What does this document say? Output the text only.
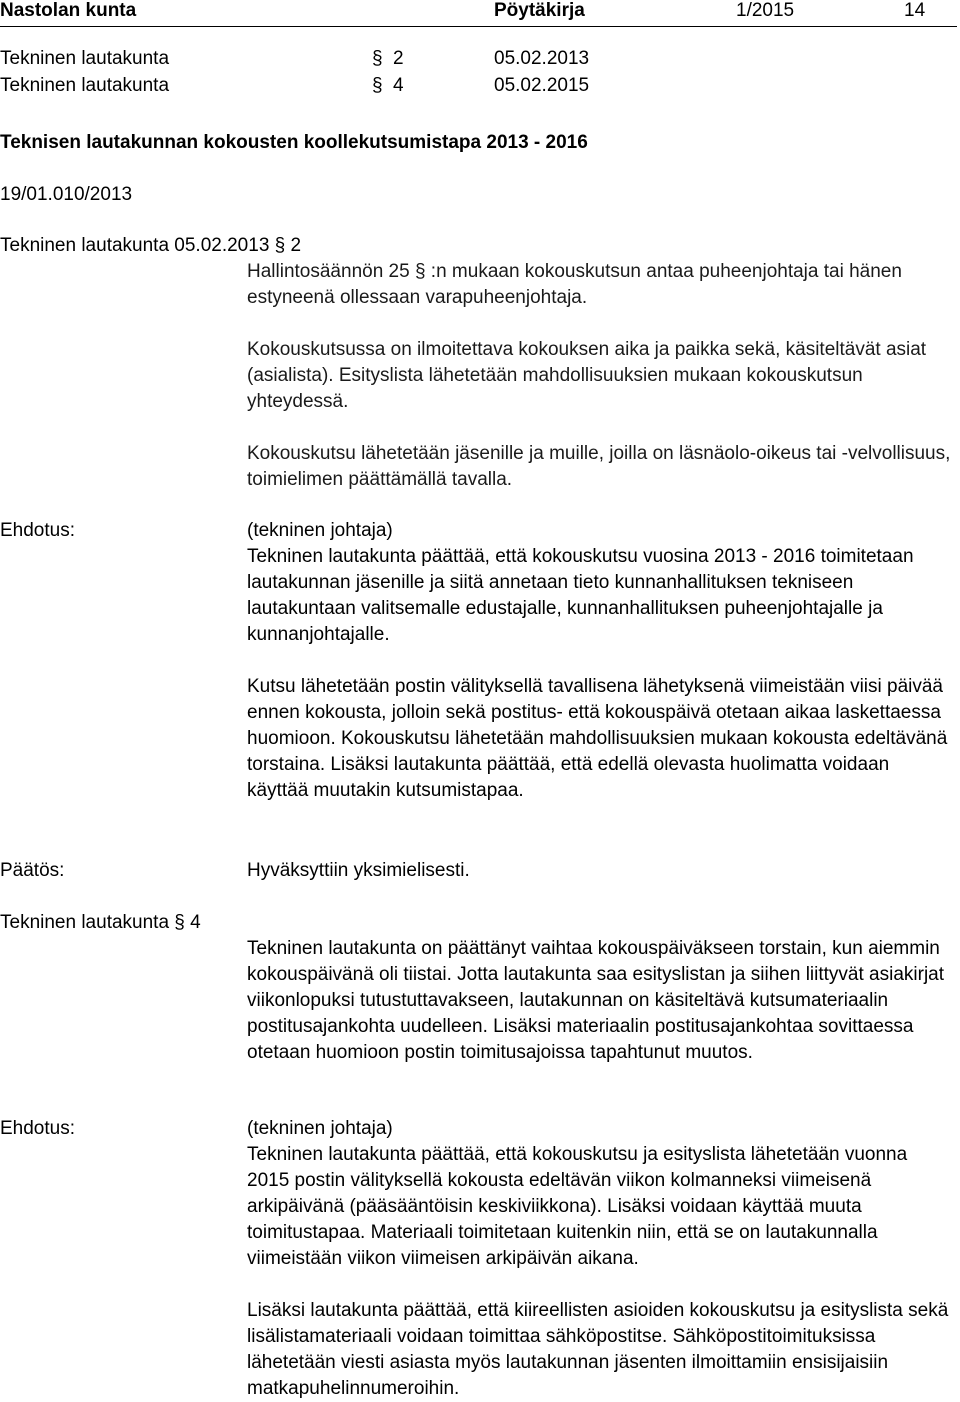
Nastolan kunta	Pöytäkirja	1/2015	14
Tekninen lautakunta	§ 2	05.02.2013
Tekninen lautakunta	§ 4	05.02.2015
Teknisen lautakunnan kokousten koollekutsumistapa 2013 - 2016
19/01.010/2013
Tekninen lautakunta 05.02.2013 § 2

Hallintosäännön 25 § :n mukaan kokouskutsun antaa puheenjohtaja tai hänen estyneenä ollessaan varapuheenjohtaja.

Kokouskutsussa on ilmoitettava kokouksen aika ja paikka sekä, käsiteltävät asiat (asialista). Esityslista lähetetään mahdollisuuksien mukaan kokouskutsun yhteydessä.

Kokouskutsu lähetetään jäsenille ja muille, joilla on läsnäolo-oikeus tai -velvollisuus, toimielimen päättämällä tavalla.

Ehdotus:	(tekninen johtaja)

Tekninen lautakunta päättää, että kokouskutsu vuosina 2013 - 2016 toimitetaan lautakunnan jäsenille ja siitä annetaan tieto kunnanhallituksen tekniseen lautakuntaan valitsemalle edustajalle, kunnanhallituksen puheenjohtajalle ja kunnanjohtajalle.

Kutsu lähetetään postin välityksellä tavallisena lähetyksenä viimeistään viisi päivää ennen kokousta, jolloin sekä postitus- että kokouspäivä otetaan aikaa laskettaessa huomioon. Kokouskutsu lähetetään mahdollisuuksien mukaan kokousta edeltävänä torstaina. Lisäksi lautakunta päättää, että edellä olevasta huolimatta voidaan käyttää muutakin kutsumistapaa.

Päätös:	Hyväksyttiin yksimielisesti.
Tekninen lautakunta § 4

Tekninen lautakunta on päättänyt vaihtaa kokouspäiväkseen torstain, kun aiemmin kokouspäivänä oli tiistai. Jotta lautakunta saa esityslistan ja siihen liittyvät asiakirjat viikonlopuksi tutustuttavakseen, lautakunnan on käsiteltävä kutsumateriaalin postitusajankohta uudelleen. Lisäksi materiaalin postitusajankohtaa sovittaessa otetaan huomioon postin toimitusajoissa tapahtunut muutos.

Ehdotus:	(tekninen johtaja)

Tekninen lautakunta päättää, että kokouskutsu ja esityslista lähetetään vuonna 2015 postin välityksellä kokousta edeltävän viikon kolmanneksi viimeisenä arkipäivänä (pääsääntöisin keskiviikkona). Lisäksi voidaan käyttää muuta toimitustapaa. Materiaali toimitetaan kuitenkin niin, että se on lautakunnalla viimeistään viikon viimeisen arkipäivän aikana.

Lisäksi lautakunta päättää, että kiireellisten asioiden kokouskutsu ja esityslista sekä lisälistamateriaali voidaan toimittaa sähköpostitse. Sähköpostitoimituksissa lähetetään viesti asiasta myös lautakunnan jäsenten ilmoittamiin ensisijaisiin matkapuhelinnumeroihin.
